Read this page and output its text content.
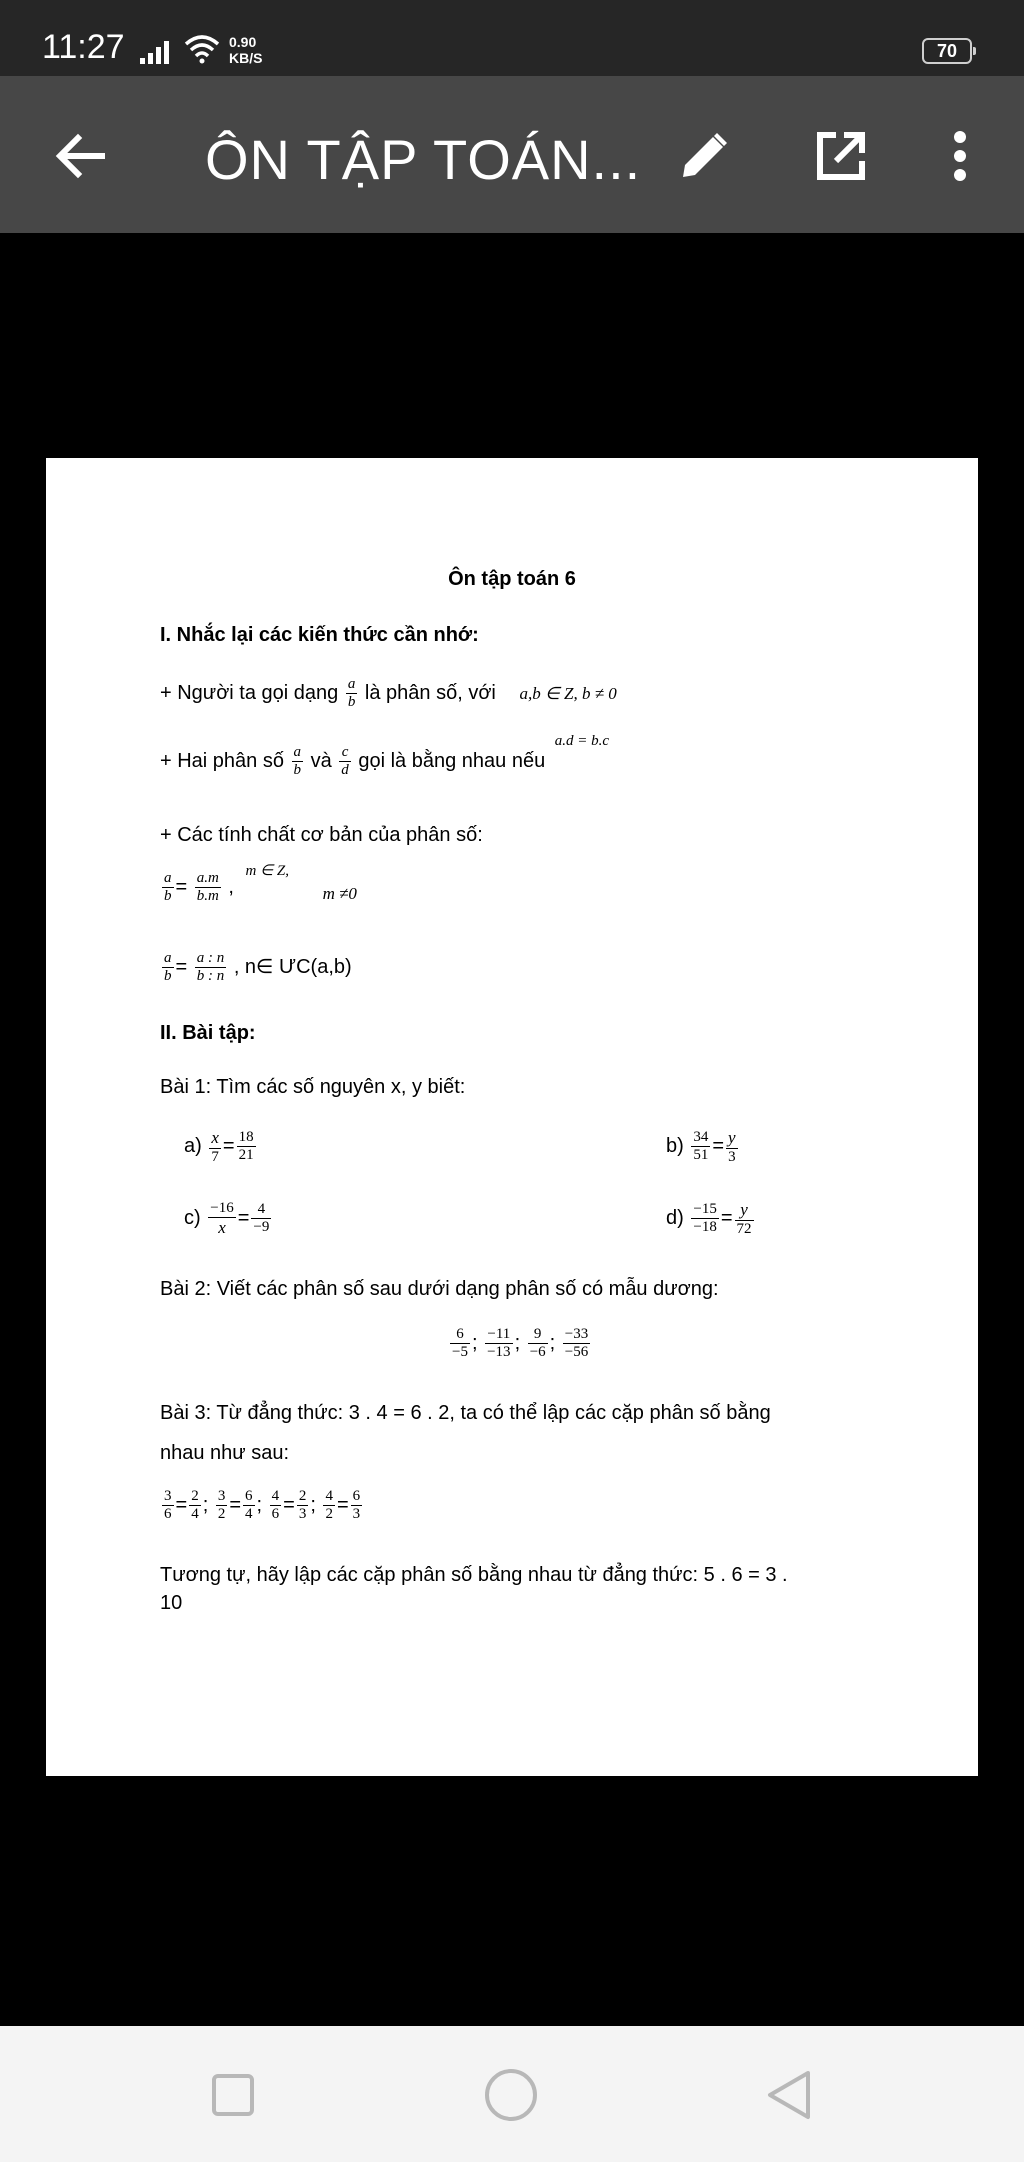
11:27	0.90
KB/S	70
ÔN TẬP TOÁN...
Ôn tập toán 6
I. Nhắc lại các kiến thức cần nhớ:
+ Người ta gọi dạng $\frac{a}{b}$ là phân số, với a,b ∈ Z, b ≠ 0
+ Hai phân số $\frac{a}{b}$ và $\frac{c}{d}$ gọi là bằng nhau nếu $^{a.d = b.c}$
+ Các tính chất cơ bản của phân số:
$\frac{a}{b} = \frac{a.m}{b.m}$ , $^{m \in Z,}$ $_{m \ne 0}$
$\frac{a}{b} = \frac{a : n}{b : n}$ , n∈ ƯC(a,b)
II. Bài tập:
Bài 1: Tìm các số nguyên x, y biết:
$a) \frac{x}{7} = \frac{18}{21}$	$b) \frac{34}{51} = \frac{y}{3}$
$c) \frac{-16}{x} = \frac{4}{-9}$	$d) \frac{-15}{-18} = \frac{y}{72}$
Bài 2: Viết các phân số sau dưới dạng phân số có mẫu dương:
$\frac{6}{-5}$ ; $\frac{-11}{-13}$ ; $\frac{9}{-6}$ ; $\frac{-33}{-56}$
Bài 3: Từ đẳng thức: 3 . 4 = 6 . 2, ta có thể lập các cặp phân số bằng
nhau như sau:
$\frac{3}{6} = \frac{2}{4}$ ; $\frac{3}{2} = \frac{6}{4}$ ; $\frac{4}{6} = \frac{2}{3}$ ; $\frac{4}{2} = \frac{6}{3}$
Tương tự, hãy lập các cặp phân số bằng nhau từ đẳng thức: 5 . 6 = 3 .
10
